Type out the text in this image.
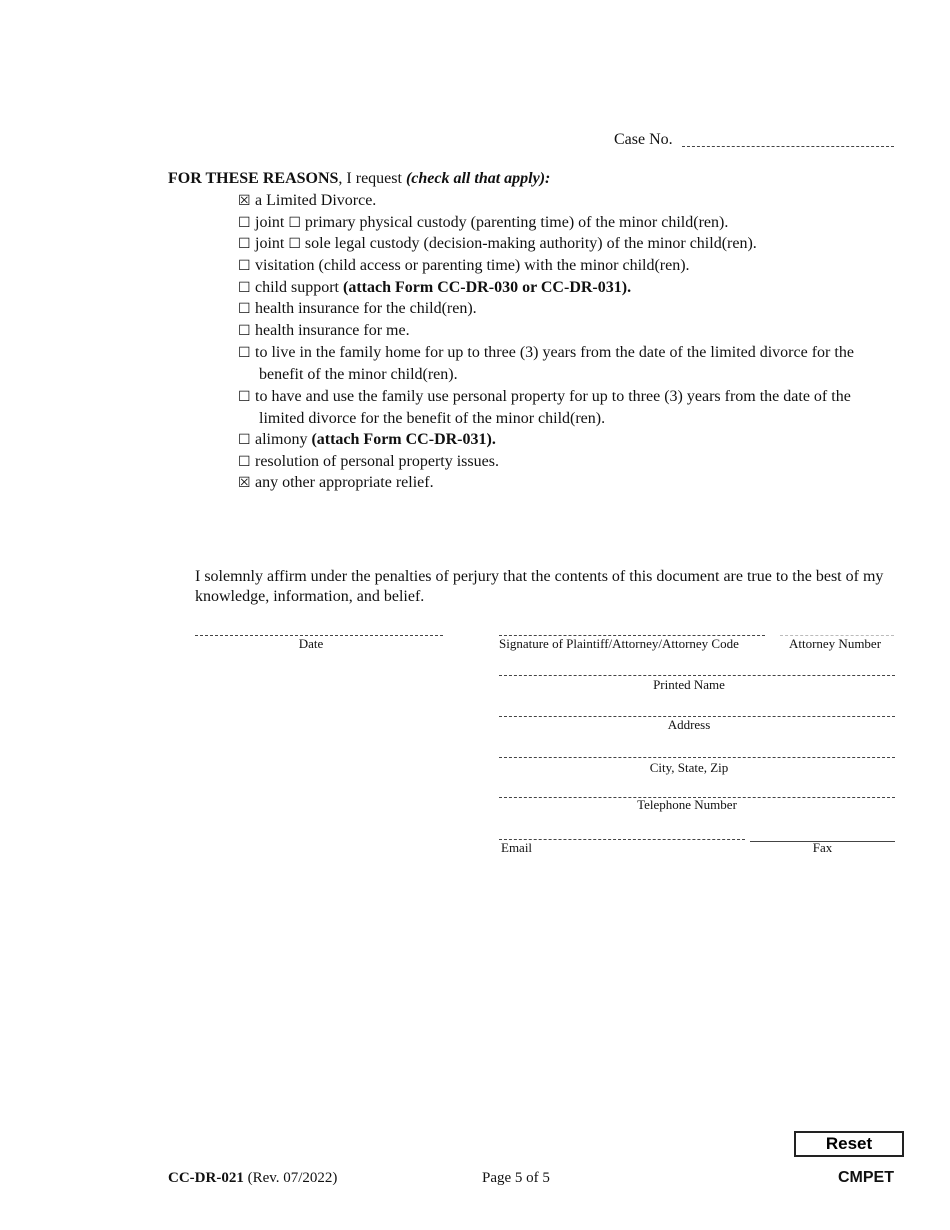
Case No.
FOR THESE REASONS, I request (check all that apply):
☒ a Limited Divorce.
☐ joint ☐ primary physical custody (parenting time) of the minor child(ren).
☐ joint ☐ sole legal custody (decision-making authority) of the minor child(ren).
☐ visitation (child access or parenting time) with the minor child(ren).
☐ child support (attach Form CC-DR-030 or CC-DR-031).
☐ health insurance for the child(ren).
☐ health insurance for me.
☐ to live in the family home for up to three (3) years from the date of the limited divorce for the
benefit of the minor child(ren).
☐ to have and use the family use personal property for up to three (3) years from the date of the
limited divorce for the benefit of the minor child(ren).
☐ alimony (attach Form CC-DR-031).
☐ resolution of personal property issues.
☒ any other appropriate relief.
I solemnly affirm under the penalties of perjury that the contents of this document are true to the best of my knowledge, information, and belief.
Date	Signature of Plaintiff/Attorney/Attorney Code	Attorney Number
Printed Name
Address
City, State, Zip
Telephone Number
Email	Fax
CC-DR-021 (Rev. 07/2022)	Page 5 of 5
Reset
CMPET
